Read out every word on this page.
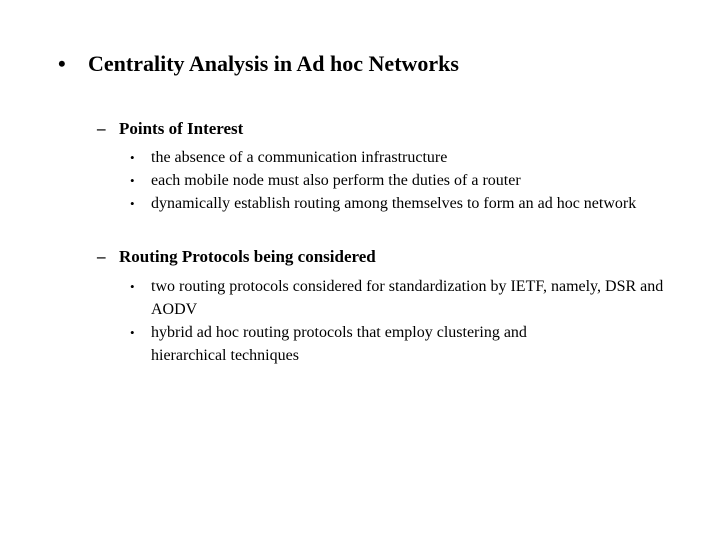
• Centrality Analysis in Ad hoc Networks
– Points of Interest
• the absence of a communication infrastructure
• each mobile node must also perform the duties of a router
• dynamically establish routing among themselves to form an ad hoc network
– Routing Protocols being considered
• two routing protocols considered for standardization by IETF, namely, DSR and AODV
• hybrid ad hoc routing protocols that employ clustering and hierarchical techniques
